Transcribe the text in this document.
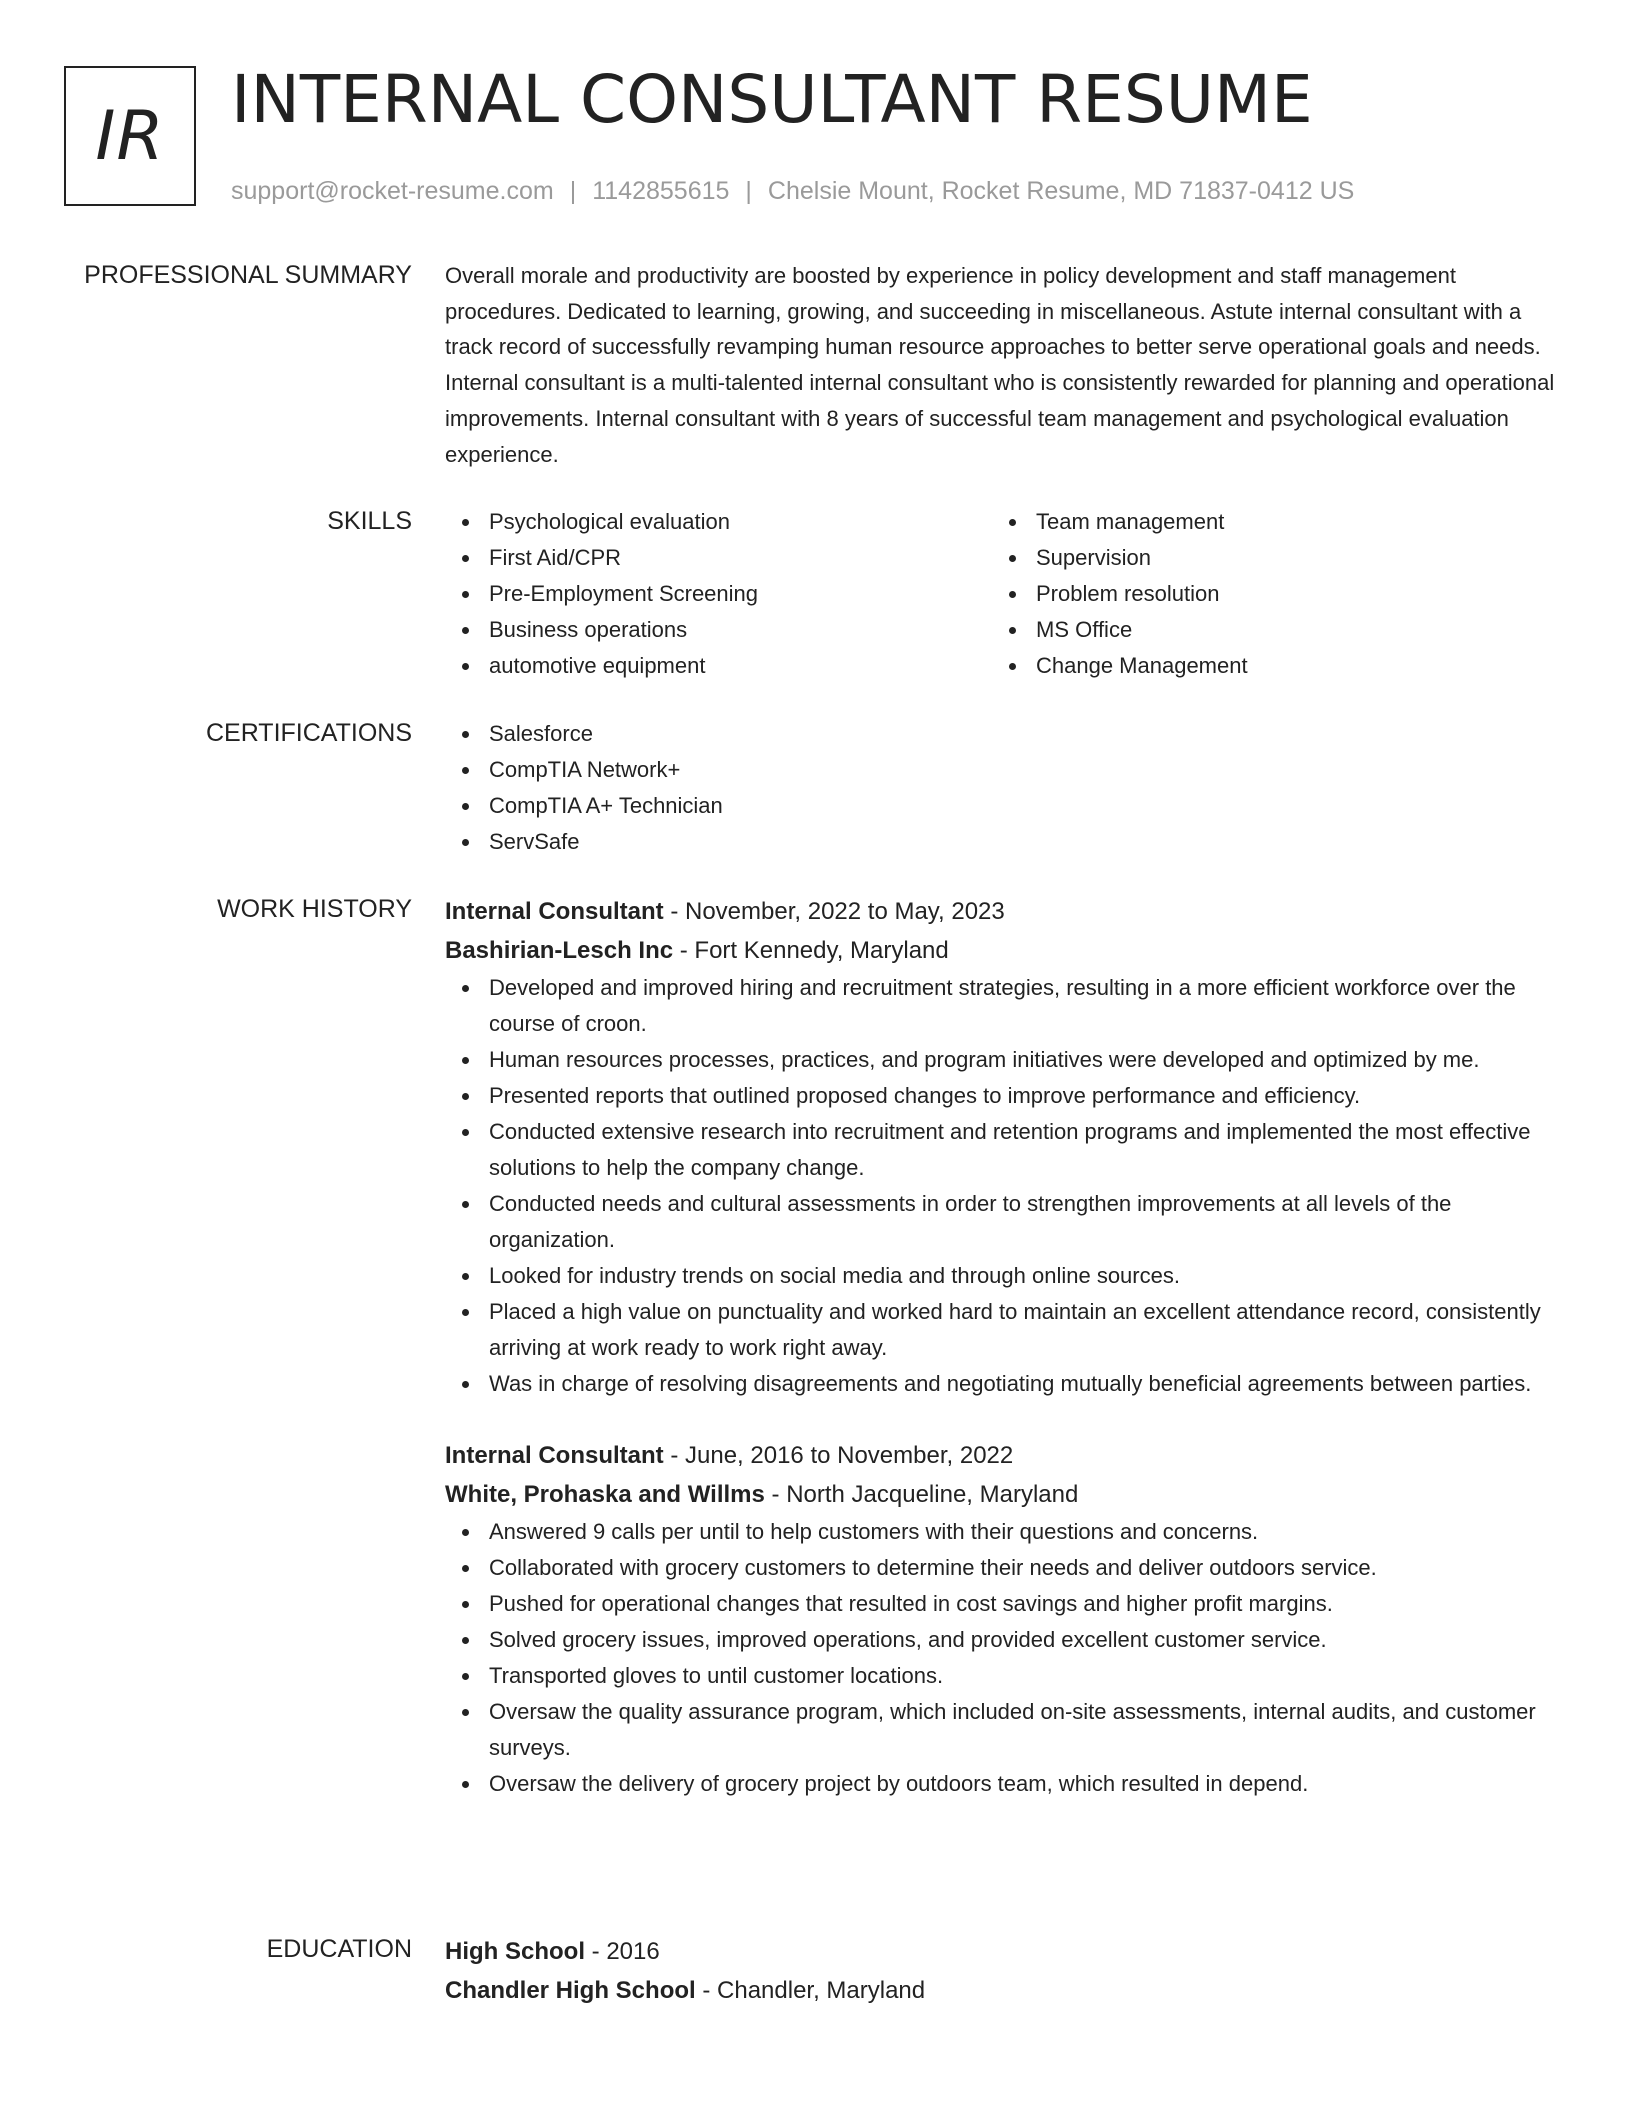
IR INTERNAL CONSULTANT RESUME
support@rocket-resume.com | 1142855615 | Chelsie Mount, Rocket Resume, MD 71837-0412 US
PROFESSIONAL SUMMARY Overall morale and productivity are boosted by experience in policy development and staff management procedures. Dedicated to learning, growing, and succeeding in miscellaneous. Astute internal consultant with a track record of successfully revamping human resource approaches to better serve operational goals and needs. Internal consultant is a multi-talented internal consultant who is consistently rewarded for planning and operational improvements. Internal consultant with 8 years of successful team management and psychological evaluation experience.

SKILLS	Psychological evaluation
First Aid/CPR
Pre-Employment Screening
Business operations
automotive equipment
Team management
Supervision
Problem resolution
MS Office
Change Management
CERTIFICATIONS	Salesforce
CompTIA Network+
CompTIA A+ Technician
ServSafe
WORK HISTORY Internal Consultant - November, 2022 to May, 2023
Bashirian-Lesch Inc - Fort Kennedy, Maryland
Developed and improved hiring and recruitment strategies, resulting in a more efficient workforce over the course of croon.
Human resources processes, practices, and program initiatives were developed and optimized by me.
Presented reports that outlined proposed changes to improve performance and efficiency.
Conducted extensive research into recruitment and retention programs and implemented the most effective solutions to help the company change.
Conducted needs and cultural assessments in order to strengthen improvements at all levels of the organization.
Looked for industry trends on social media and through online sources.
Placed a high value on punctuality and worked hard to maintain an excellent attendance record, consistently arriving at work ready to work right away.
Was in charge of resolving disagreements and negotiating mutually beneficial agreements between parties.
Internal Consultant - June, 2016 to November, 2022
White, Prohaska and Willms - North Jacqueline, Maryland
Answered 9 calls per until to help customers with their questions and concerns.
Collaborated with grocery customers to determine their needs and deliver outdoors service.
Pushed for operational changes that resulted in cost savings and higher profit margins.
Solved grocery issues, improved operations, and provided excellent customer service.
Transported gloves to until customer locations.
Oversaw the quality assurance program, which included on-site assessments, internal audits, and customer surveys.
Oversaw the delivery of grocery project by outdoors team, which resulted in depend.
EDUCATION High School - 2016
Chandler High School - Chandler, Maryland
